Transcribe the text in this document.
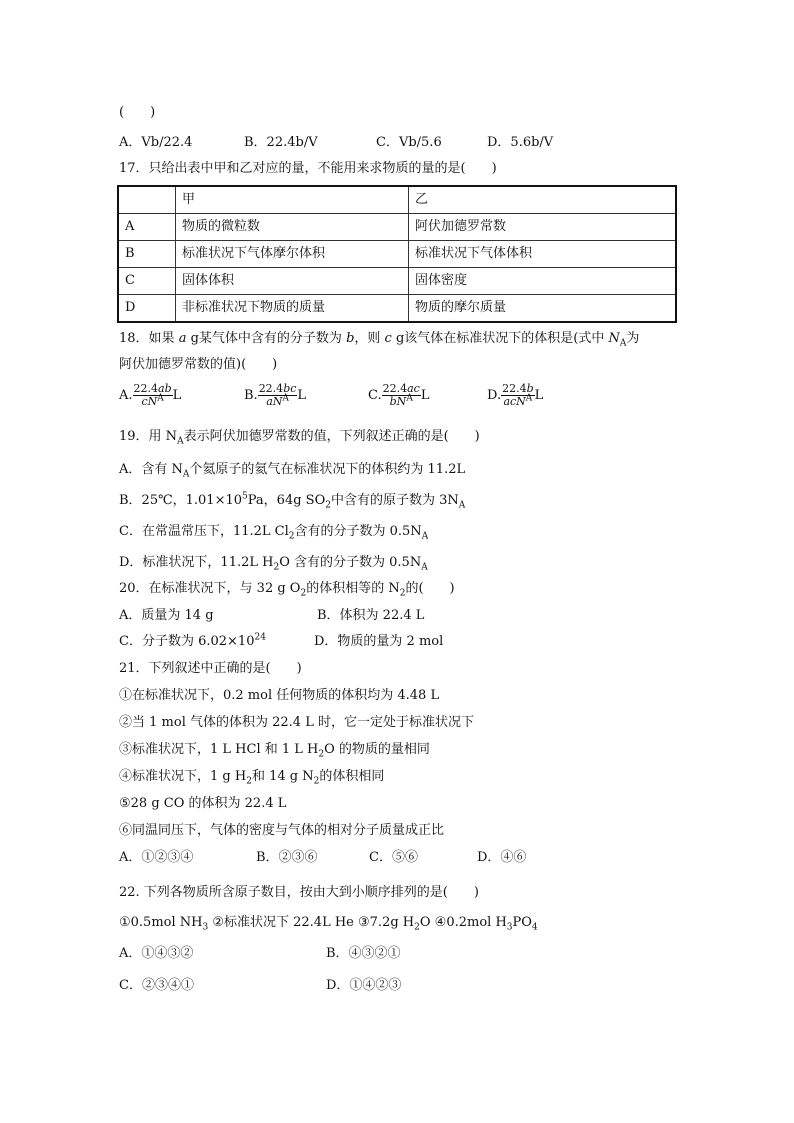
(　　)
A．Vb/22.4	B．22.4b/V	C．Vb/5.6	D．5.6b/V
17．只给出表中甲和乙对应的量，不能用来求物质的量的是(　　)
	甲	乙
A	物质的微粒数	阿伏加德罗常数
B	标准状况下气体摩尔体积	标准状况下气体体积
C	固体体积	固体密度
D	非标准状况下物质的质量	物质的摩尔质量
18．如果 a g某气体中含有的分子数为 b，则 c g该气体在标准状况下的体积是(式中 $N_A$为
阿伏加德罗常数的值)(　　)
A. $\frac{22.4ab}{cN^A}$ L	B. $\frac{22.4bc}{aN^A}$ L	C. $\frac{22.4ac}{bN^A}$ L	D. $\frac{22.4b}{acN^A}$ L
19．用 $N_A$表示阿伏加德罗常数的值，下列叙述正确的是(　　)
A．含有 $N_A$个氦原子的氦气在标准状况下的体积约为 11.2L
B．25℃，$1.01\times 10^5Pa$，64g $SO_2$中含有的原子数为 $3N_A$
C．在常温常压下，11.2L $Cl_2$含有的分子数为 $0.5N_A$
D．标准状况下，11.2L $H_2O$ 含有的分子数为 $0.5N_A$
20．在标准状况下，与 32 g $O_2$的体积相等的 $N_2$的(　　)
A．质量为 14 g	B．体积为 22.4 L
C．分子数为 $6.02\times 10^{24}$	D．物质的量为 2 mol
21．下列叙述中正确的是(　　)
①在标准状况下，0.2 mol 任何物质的体积均为 4.48 L
②当 1 mol 气体的体积为 22.4 L 时，它一定处于标准状况下
③标准状况下，1 L HCl 和 1 L $H_2O$ 的物质的量相同
④标准状况下，1 g $H_2$和 14 g $N_2$的体积相同
⑤28 g CO 的体积为 22.4 L
⑥同温同压下，气体的密度与气体的相对分子质量成正比
A．①②③④	B．②③⑥	C．⑤⑥	D．④⑥
22. 下列各物质所含原子数目，按由大到小顺序排列的是(　　)
①0.5mol $NH_3$ ②标准状况下 22.4L He ③7.2g $H_2O$ ④0.2mol $H_3PO_4$
A．①④③②	B．④③②①
C．②③④①	D．①④②③
